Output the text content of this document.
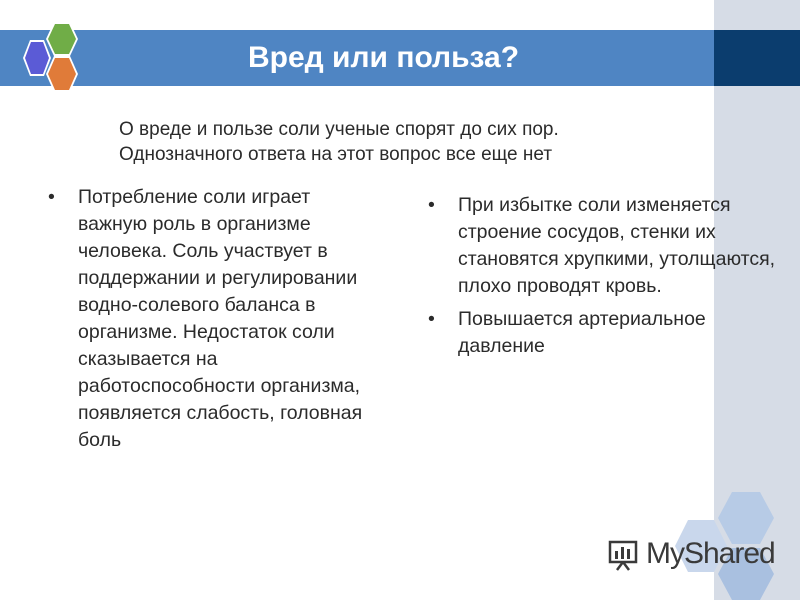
Вред или польза?
О вреде и пользе соли ученые спорят до сих пор. Однозначного ответа на этот вопрос все еще нет
• Потребление соли играет важную роль в организме человека. Соль участвует в поддержании и регулировании водно-солевого баланса в организме. Недостаток соли сказывается на работоспособности организма, появляется слабость, головная боль
• При избытке соли изменяется строение сосудов, стенки их становятся хрупкими, утолщаются, плохо проводят кровь.
• Повышается артериальное давление
MyShared
